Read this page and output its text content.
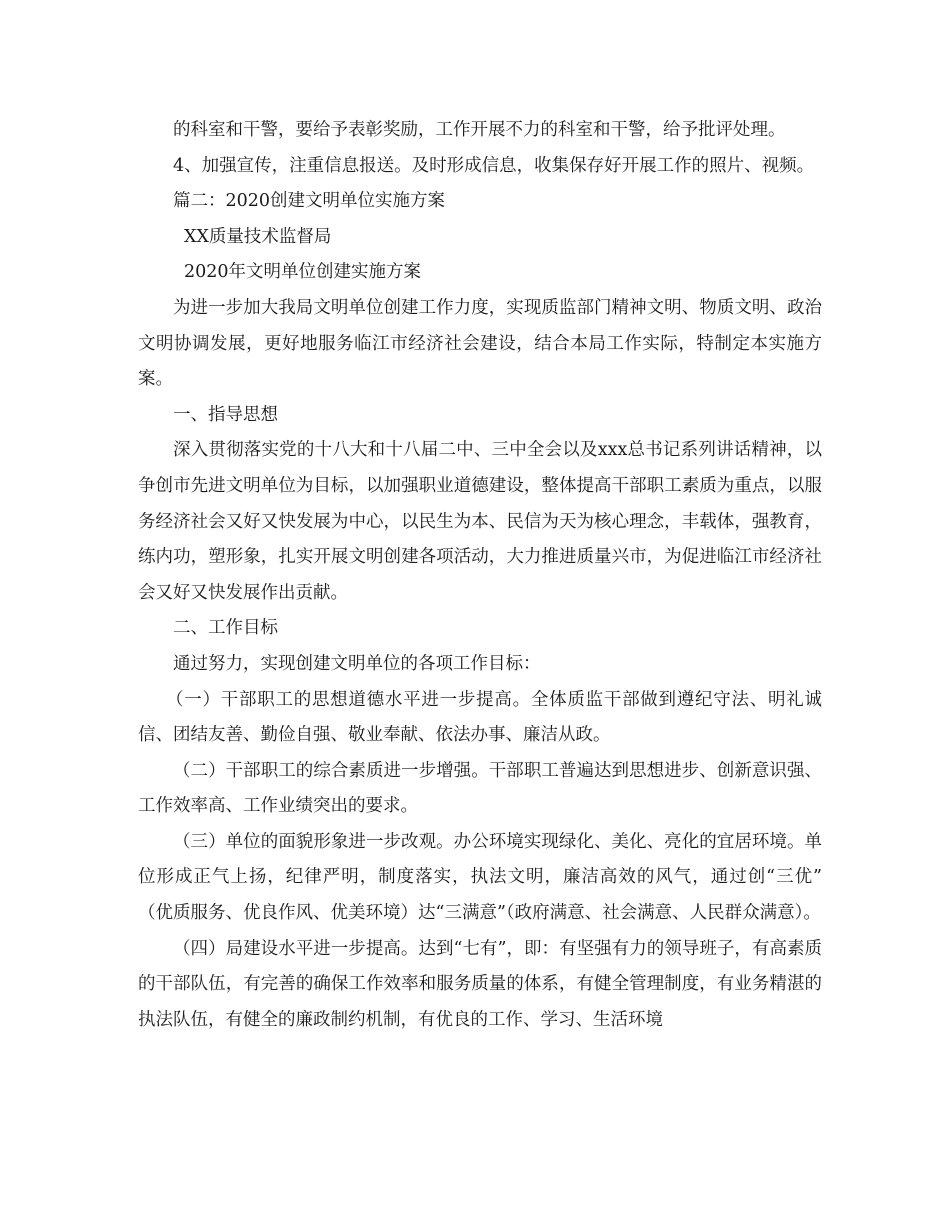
的科室和干警，要给予表彰奖励，工作开展不力的科室和干警，给予批评处理。

4、加强宣传，注重信息报送。及时形成信息，收集保存好开展工作的照片、视频。

篇二：2020创建文明单位实施方案

XX质量技术监督局

2020年文明单位创建实施方案

为进一步加大我局文明单位创建工作力度，实现质监部门精神文明、物质文明、政治文明协调发展，更好地服务临江市经济社会建设，结合本局工作实际，特制定本实施方案。

一、指导思想

深入贯彻落实党的十八大和十八届二中、三中全会以及xxx总书记系列讲话精神，以争创市先进文明单位为目标，以加强职业道德建设，整体提高干部职工素质为重点，以服务经济社会又好又快发展为中心，以民生为本、民信为天为核心理念，丰载体，强教育，练内功，塑形象，扎实开展文明创建各项活动，大力推进质量兴市，为促进临江市经济社会又好又快发展作出贡献。

二、工作目标

通过努力，实现创建文明单位的各项工作目标：

（一）干部职工的思想道德水平进一步提高。全体质监干部做到遵纪守法、明礼诚信、团结友善、勤俭自强、敬业奉献、依法办事、廉洁从政。

（二）干部职工的综合素质进一步增强。干部职工普遍达到思想进步、创新意识强、工作效率高、工作业绩突出的要求。

（三）单位的面貌形象进一步改观。办公环境实现绿化、美化、亮化的宜居环境。单位形成正气上扬，纪律严明，制度落实，执法文明，廉洁高效的风气，通过创“三优”　（优质服务、优良作风、优美环境）达“三满意”（政府满意、社会满意、人民群众满意）。

（四）局建设水平进一步提高。达到“七有”，即：有坚强有力的领导班子，有高素质的干部队伍，有完善的确保工作效率和服务质量的体系，有健全管理制度，有业务精湛的执法队伍，有健全的廉政制约机制，有优良的工作、学习、生活环境
